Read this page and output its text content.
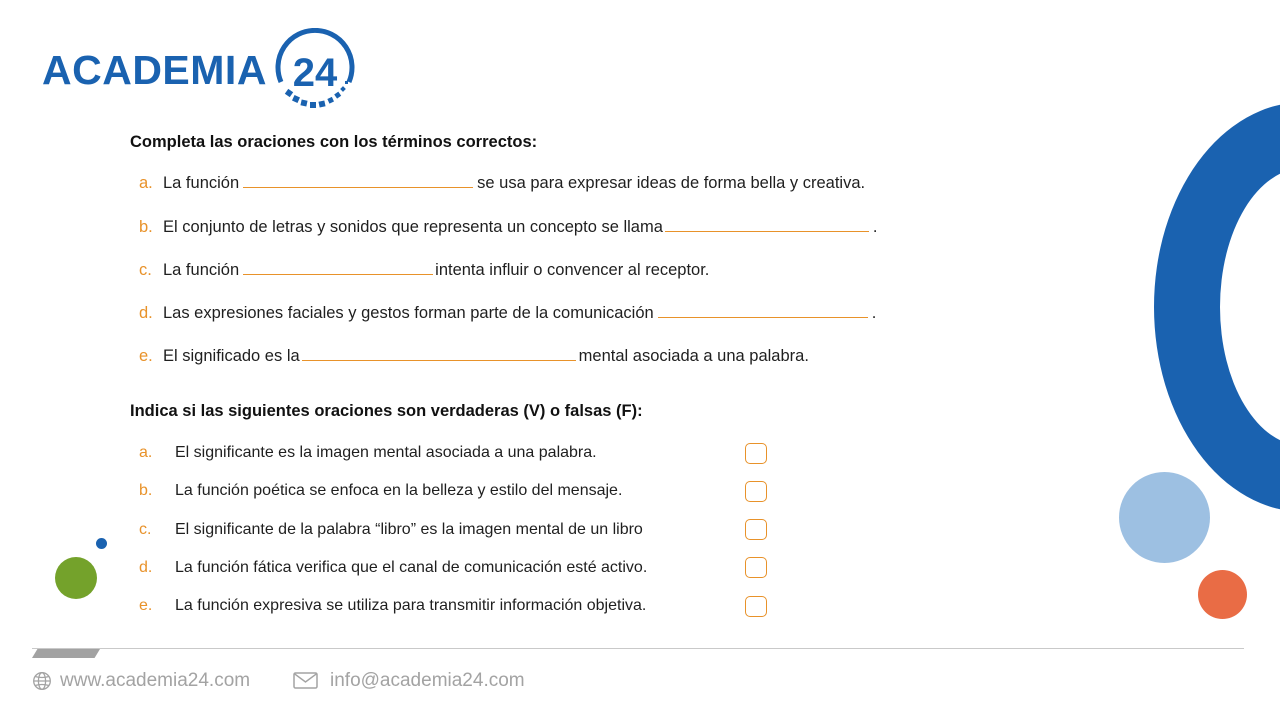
ACADEMIA 24
Completa las oraciones con los términos correctos:
a. La función	se usa para expresar ideas de forma bella y creativa.
b. El conjunto de letras y sonidos que representa un concepto se llama	.
c. La función	intenta influir o convencer al receptor.
d. Las expresiones faciales y gestos forman parte de la comunicación	.
e. El significado es la	mental asociada a una palabra.
Indica si las siguientes oraciones son verdaderas (V) o falsas (F):
a. El significante es la imagen mental asociada a una palabra.
b. La función poética se enfoca en la belleza y estilo del mensaje.
c. El significante de la palabra “libro” es la imagen mental de un libro
d. La función fática verifica que el canal de comunicación esté activo.
e. La función expresiva se utiliza para transmitir información objetiva.
www.academia24.com	info@academia24.com
